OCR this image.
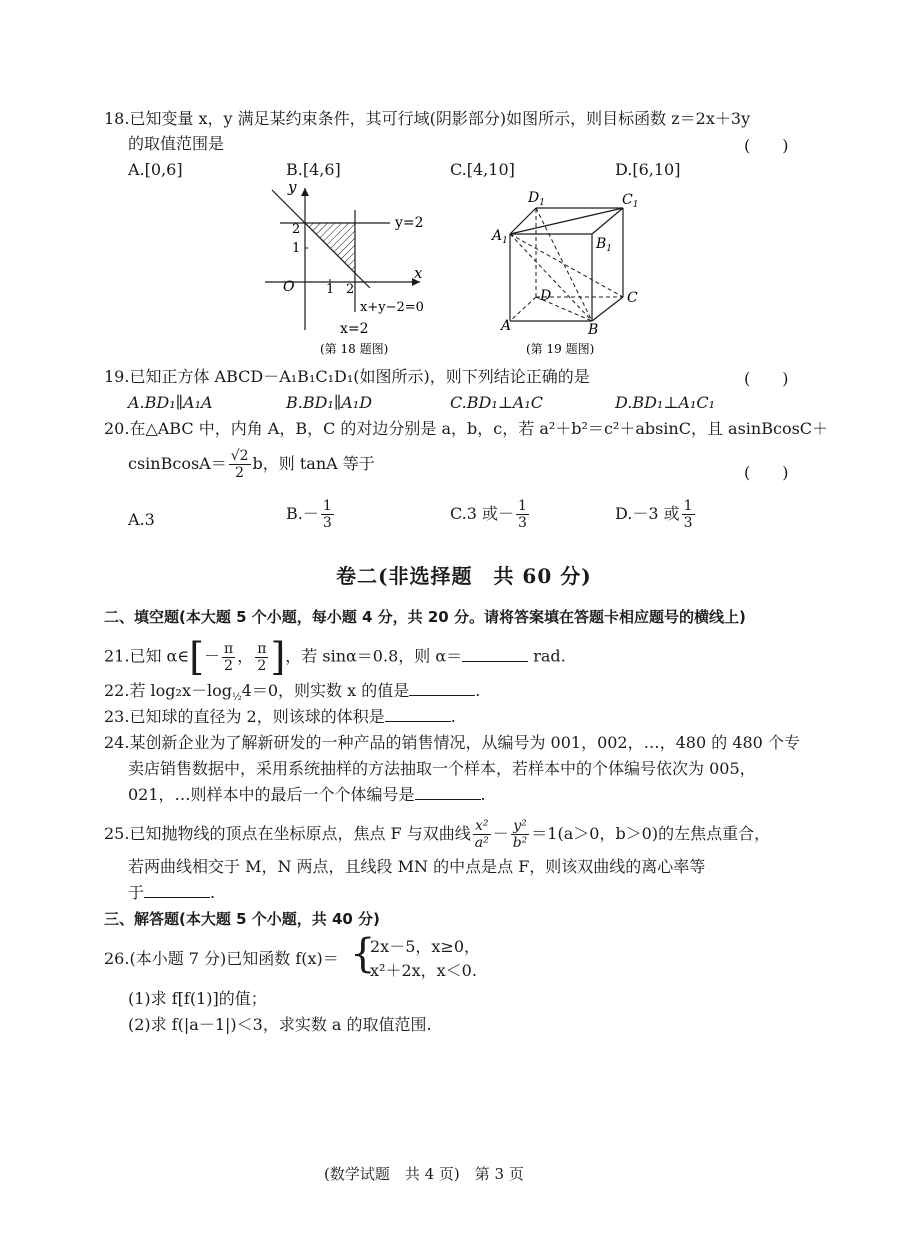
18.已知变量 x，y 满足某约束条件，其可行域(阴影部分)如图所示，则目标函数 z＝2x＋3y
的取值范围是	(　　)
A.[0,6]	B.[4,6]	C.[4,10]	D.[6,10]
y
x
O 1 2
1
2	y=2
x+y−2=0
x=2
(第 18 题图)
$D_1$	$C_1$
$A_1$	$B_1$
D	C
A	B
(第 19 题图)
19.已知正方体 ABCD－A₁B₁C₁D₁(如图所示)，则下列结论正确的是	(　　)
A.BD₁∥A₁A	B.BD₁∥A₁D	C.BD₁⊥A₁C	D.BD₁⊥A₁C₁
20.在△ABC 中，内角 A，B，C 的对边分别是 a，b，c，若 a²＋b²＝c²＋absinC，且 asinBcosC＋
csinBcosA＝ $\frac{√2}{2}$ b，则 tanA 等于	(　　)
A.3	$B.- \frac{1}{3}$	C.3 或－ $\frac{1}{3}$	D.－3 或 $\frac{1}{3}$
卷二(非选择题　共 60 分)
二、填空题(本大题 5 个小题，每小题 4 分，共 20 分。请将答案填在答题卡相应题号的横线上)
21.已知 α∈[－ $\frac{\pi}{2}$ ， $\frac{\pi}{2}$ ]，若 sinα＝0.8，则 α＝	rad.
22.若 $\log_2x-\log_{\frac{1}{2}}4=0$，则实数 x 的值是	.
23.已知球的直径为 2，则该球的体积是	.
24.某创新企业为了解新研发的一种产品的销售情况，从编号为 001，002，…，480 的 480 个专
卖店销售数据中，采用系统抽样的方法抽取一个样本，若样本中的个体编号依次为 005，
021，…则样本中的最后一个个体编号是	.
25.已知抛物线的顶点在坐标原点，焦点 F 与双曲线 $\frac{\text{x²}}{\text{a²}} - \frac{\text{y²}}{\text{b²}} =1(a>0$，b＞0)的左焦点重合，
若两曲线相交于 M，N 两点，且线段 MN 的中点是点 F，则该双曲线的离心率等
于	.
三、解答题(本大题 5 个小题，共 40 分)
26.(本小题 7 分)已知函数 f(x)＝ {
2x－5，x≥0，
x²＋2x，x＜0.
(1)求 f[f(1)]的值；
(2)求 f(|a－1|)＜3，求实数 a 的取值范围.
(数学试题　共 4 页)　第 3 页
